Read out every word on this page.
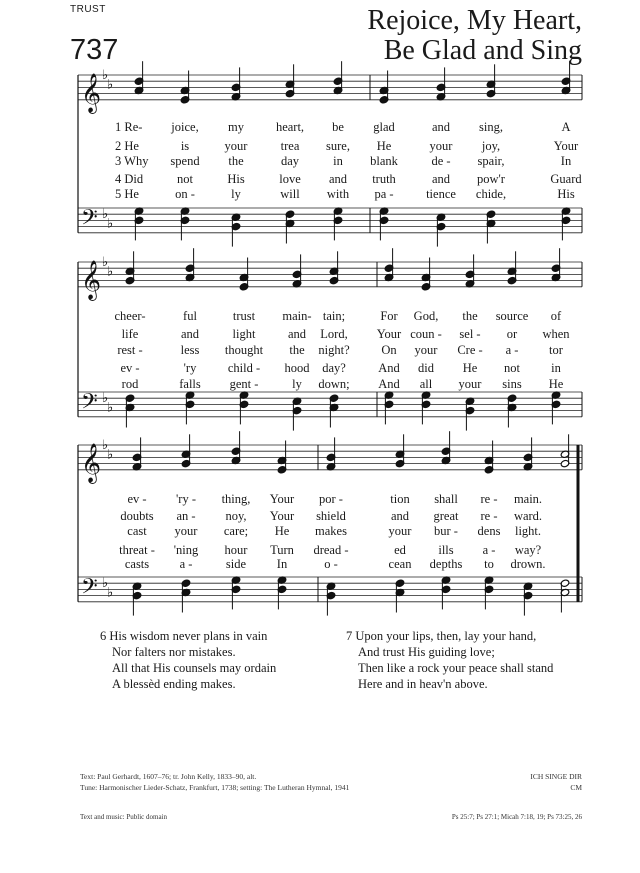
TRUST
737
Rejoice, My Heart,
Be Glad and Sing
𝄞 ♭
♭
𝄢 ♭
♭
𝄞 ♭
♭
𝄢 ♭
♭
𝄞 ♭
♭
𝄢 ♭
♭
1 Re- joice, my	heart, be glad	and sing,	A
2 He	is	your	trea sure, He	your joy,	Your
3 Why spend the	day	in blank	de - spair,	In
4 Did	not	His	love and truth	and pow'r	Guard
5 He	on -	ly	will with pa -	tience chide,	His
cheer-	ful	trust main- tain;	For God, the source of
life	and	light	and Lord, Your coun - sel - or when
rest -	less thought the night?	On your Cre - a - tor
ev -	'ry	child - hood day?	And did He not in
rod	falls gent -	ly down; And all your sins He
ev - 'ry - thing, Your por -	tion shall re - main.
doubts an - noy, Your shield	and great re - ward.
cast your care; He makes	your bur - dens light.
threat - 'ning hour Turn dread -	ed	ills a - way?
casts a -	side In	o -	cean depths to drown.
6 His wisdom never plans in vain
Nor falters nor mistakes.
All that His counsels may ordain
A blessèd ending makes.
7 Upon your lips, then, lay your hand,
And trust His guiding love;
Then like a rock your peace shall stand
Here and in heav'n above.
Text: Paul Gerhardt, 1607–76; tr. John Kelly, 1833–90, alt.
Tune: Harmonischer Lieder-Schatz, Frankfurt, 1738; setting: The Lutheran Hymnal, 1941
ICH SINGE DIR
CM
Text and music: Public domain	Ps 25:7; Ps 27:1; Micah 7:18, 19; Ps 73:25, 26
